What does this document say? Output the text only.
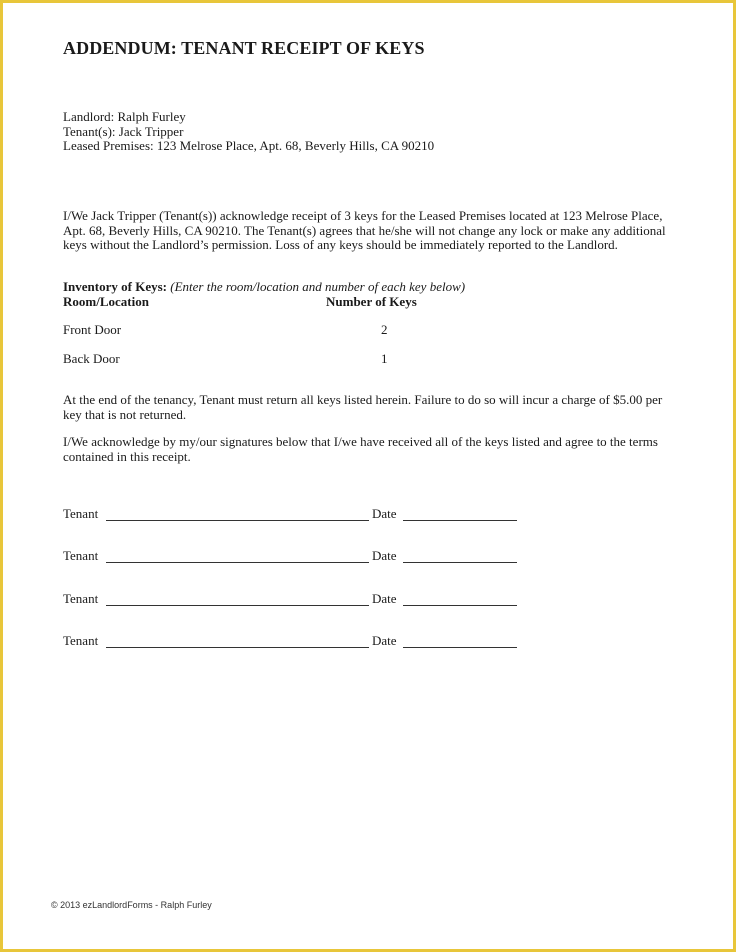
ADDENDUM: TENANT RECEIPT OF KEYS
Landlord: Ralph Furley
Tenant(s): Jack Tripper
Leased Premises: 123 Melrose Place, Apt. 68, Beverly Hills, CA 90210

I/We Jack Tripper (Tenant(s)) acknowledge receipt of 3 keys for the Leased Premises located at 123 Melrose Place, Apt. 68, Beverly Hills, CA 90210. The Tenant(s) agrees that he/she will not change any lock or make any additional keys without the Landlord’s permission. Loss of any keys should be immediately reported to the Landlord.

Inventory of Keys: (Enter the room/location and number of each key below)
Room/Location	Number of Keys
Front Door	2
Back Door	1

At the end of the tenancy, Tenant must return all keys listed herein. Failure to do so will incur a charge of $5.00 per key that is not returned.

I/We acknowledge by my/our signatures below that I/we have received all of the keys listed and agree to the terms contained in this receipt.

Tenant	Date
Tenant	Date
Tenant	Date
Tenant	Date
© 2013 ezLandlordForms - Ralph Furley
